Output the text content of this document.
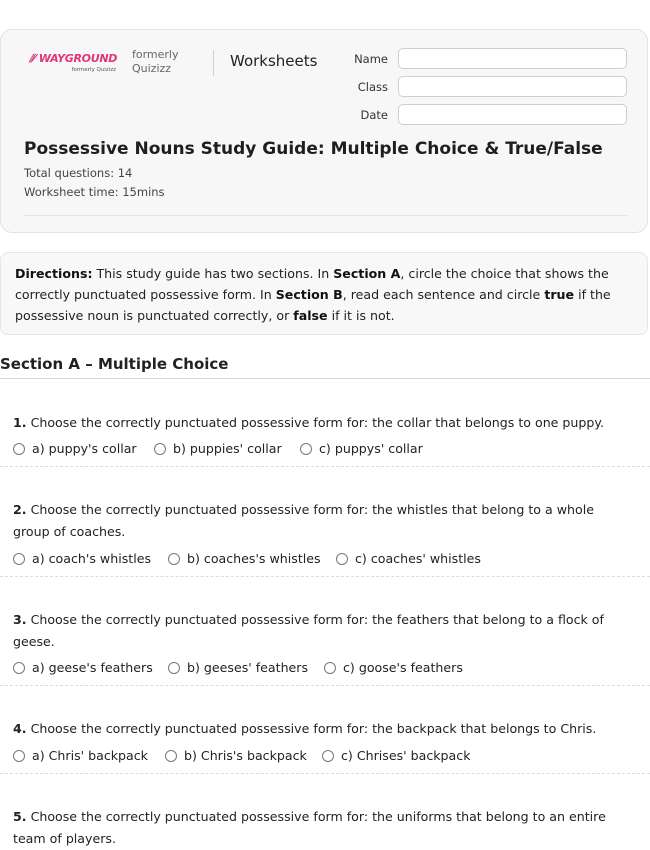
⫽⁄ WAYGROUND
formerly Quizizz
formerly
Quizizz	Worksheets	Name
Class
Date
Possessive Nouns Study Guide: Multiple Choice & True/False
Total questions: 14
Worksheet time: 15mins
Directions: This study guide has two sections. In Section A, circle the choice that shows the correctly punctuated possessive form. In Section B, read each sentence and circle true if the possessive noun is punctuated correctly, or false if it is not.
Section A – Multiple Choice
1. Choose the correctly punctuated possessive form for: the collar that belongs to one puppy.
a) puppy's collar	b) puppies' collar	c) puppys' collar
2. Choose the correctly punctuated possessive form for: the whistles that belong to a whole group of coaches.
a) coach's whistles	b) coaches's whistles	c) coaches' whistles
3. Choose the correctly punctuated possessive form for: the feathers that belong to a flock of geese.
a) geese's feathers	b) geeses' feathers	c) goose's feathers
4. Choose the correctly punctuated possessive form for: the backpack that belongs to Chris.
a) Chris' backpack	b) Chris's backpack	c) Chrises' backpack
5. Choose the correctly punctuated possessive form for: the uniforms that belong to an entire team of players.
